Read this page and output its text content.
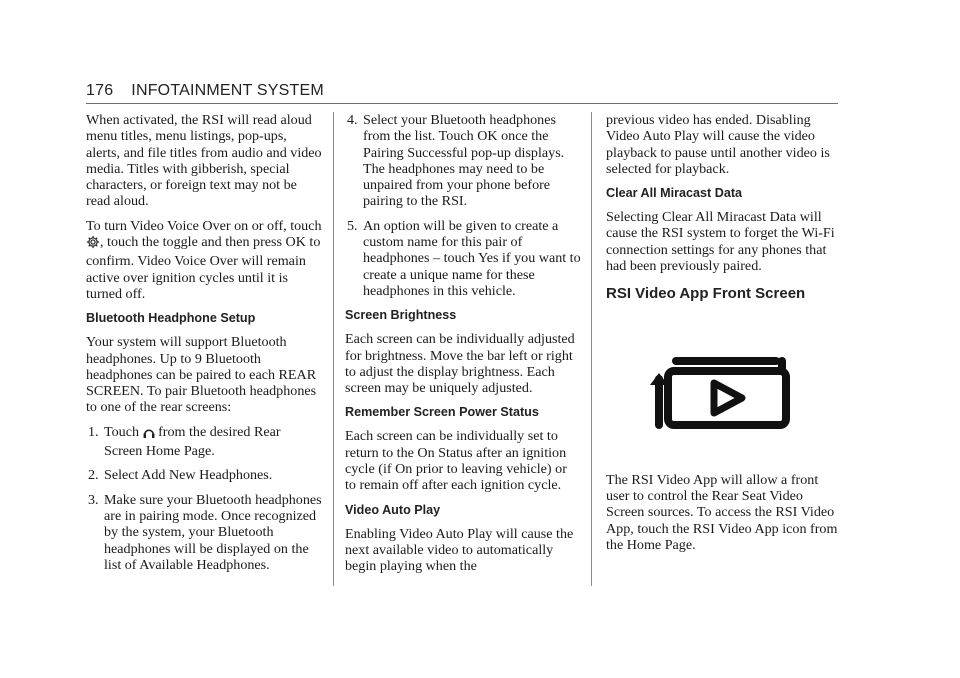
176 INFOTAINMENT SYSTEM

When activated, the RSI will read aloud menu titles, menu listings, pop-ups, alerts, and file titles from audio and video media. Titles with gibberish, special characters, or foreign text may not be read aloud.

To turn Video Voice Over on or off, touch , touch the toggle and then press OK to confirm. Video Voice Over will remain active over ignition cycles until it is turned off.

Bluetooth Headphone Setup

Your system will support Bluetooth headphones. Up to 9 Bluetooth headphones can be paired to each REAR SCREEN. To pair Bluetooth headphones to one of the rear screens:

1. Touch  from the desired Rear Screen Home Page.
2. Select Add New Headphones.
3. Make sure your Bluetooth headphones are in pairing mode. Once recognized by the system, your Bluetooth headphones will be displayed on the list of Available Headphones.
4. Select your Bluetooth headphones from the list. Touch OK once the Pairing Successful pop-up displays. The headphones may need to be unpaired from your phone before pairing to the RSI.
5. An option will be given to create a custom name for this pair of headphones – touch Yes if you want to create a unique name for these headphones in this vehicle.
Screen Brightness

Each screen can be individually adjusted for brightness. Move the bar left or right to adjust the display brightness. Each screen may be uniquely adjusted.

Remember Screen Power Status

Each screen can be individually set to return to the On Status after an ignition cycle (if On prior to leaving vehicle) or to remain off after each ignition cycle.

Video Auto Play

Enabling Video Auto Play will cause the next available video to automatically begin playing when the

previous video has ended. Disabling Video Auto Play will cause the video playback to pause until another video is selected for playback.

Clear All Miracast Data

Selecting Clear All Miracast Data will cause the RSI system to forget the Wi-Fi connection settings for any phones that had been previously paired.

RSI Video App Front Screen

The RSI Video App will allow a front user to control the Rear Seat Video Screen sources. To access the RSI Video App, touch the RSI Video App icon from the Home Page.
